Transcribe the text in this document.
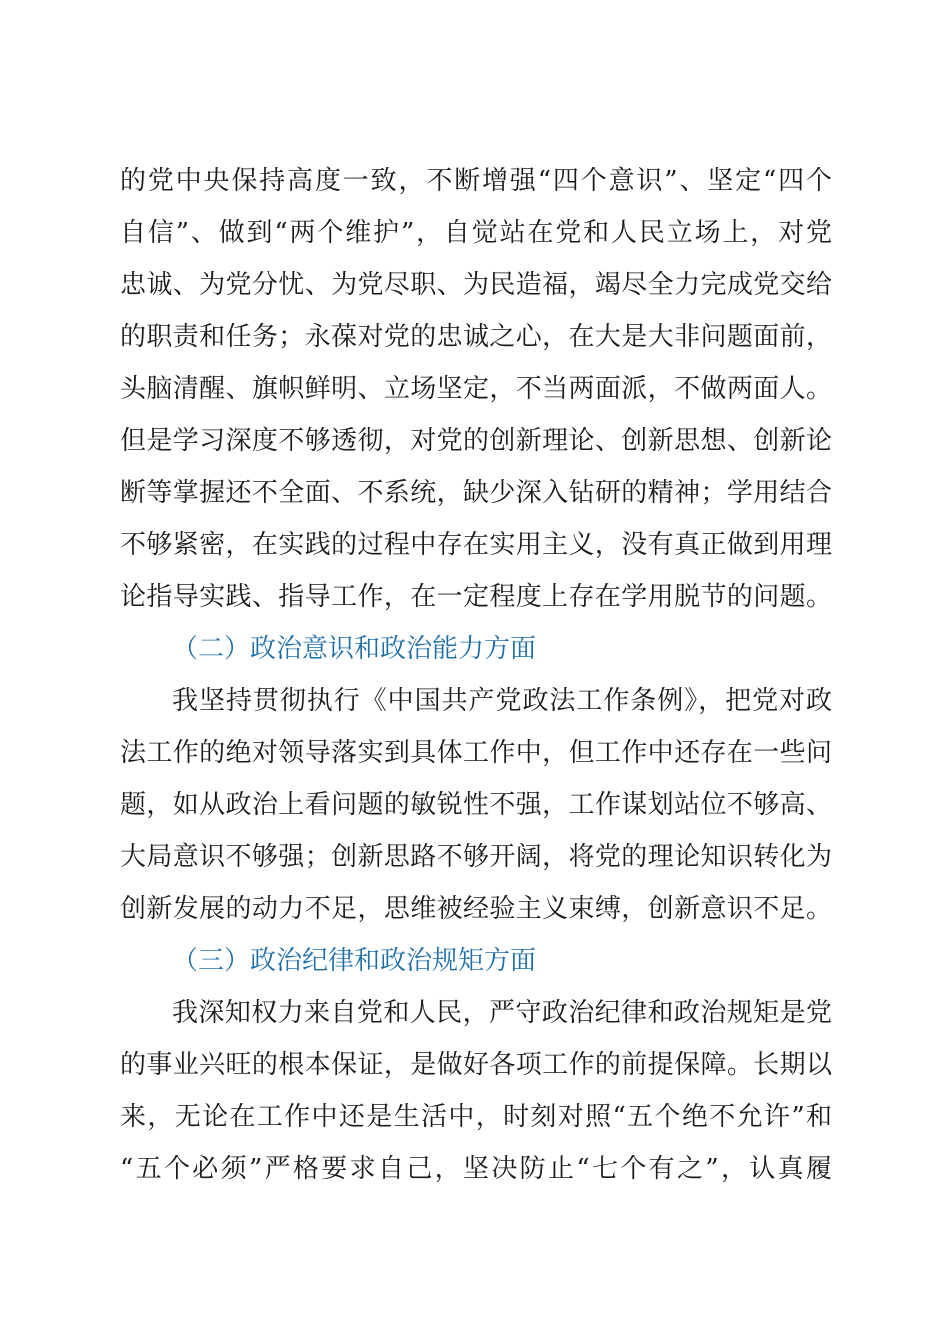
的党中央保持高度一致，不断增强“四个意识”、坚定“四个
自信”、做到“两个维护”，自觉站在党和人民立场上，对党
忠诚、为党分忧、为党尽职、为民造福，竭尽全力完成党交给
的职责和任务；永葆对党的忠诚之心，在大是大非问题面前，
头脑清醒、旗帜鲜明、立场坚定，不当两面派，不做两面人。
但是学习深度不够透彻，对党的创新理论、创新思想、创新论
断等掌握还不全面、不系统，缺少深入钻研的精神；学用结合
不够紧密，在实践的过程中存在实用主义，没有真正做到用理
论指导实践、指导工作，在一定程度上存在学用脱节的问题。
（二）政治意识和政治能力方面
我坚持贯彻执行《中国共产党政法工作条例》，把党对政
法工作的绝对领导落实到具体工作中，但工作中还存在一些问
题，如从政治上看问题的敏锐性不强，工作谋划站位不够高、
大局意识不够强；创新思路不够开阔，将党的理论知识转化为
创新发展的动力不足，思维被经验主义束缚，创新意识不足。
（三）政治纪律和政治规矩方面
我深知权力来自党和人民，严守政治纪律和政治规矩是党
的事业兴旺的根本保证，是做好各项工作的前提保障。长期以
来，无论在工作中还是生活中，时刻对照“五个绝不允许”和
“五个必须”严格要求自己，坚决防止“七个有之”，认真履
